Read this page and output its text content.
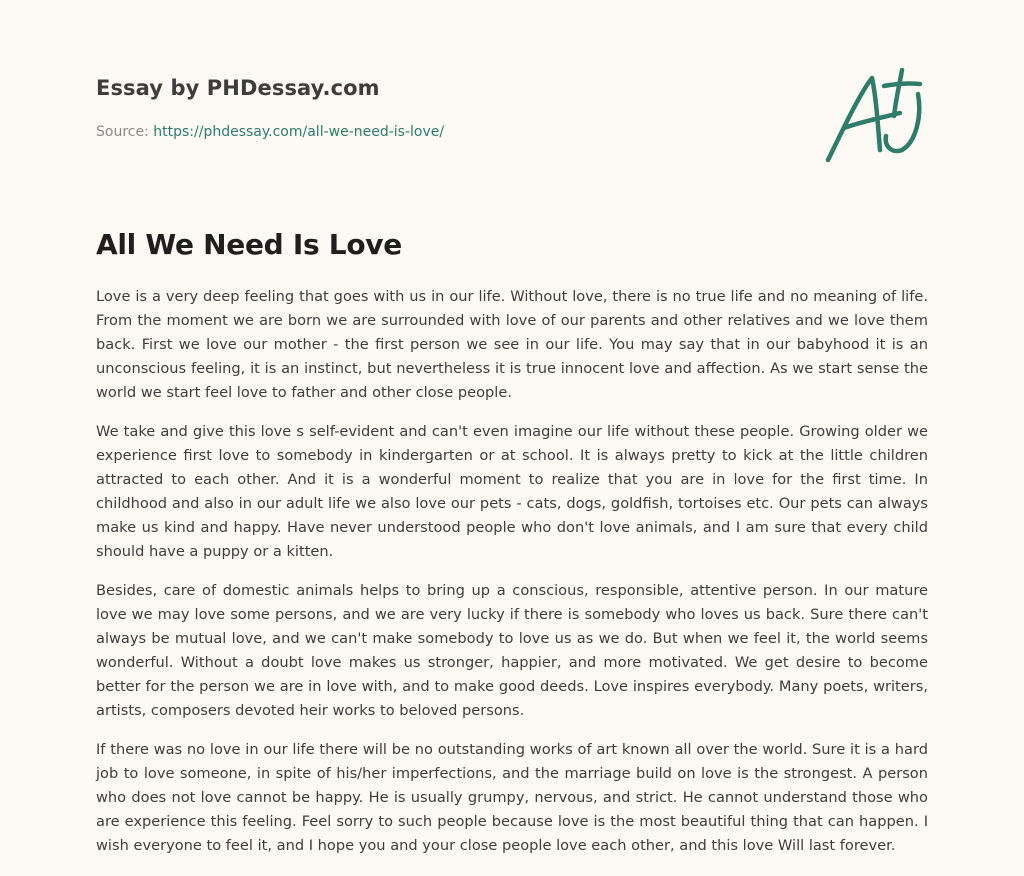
Essay by PHDessay.com
Source: https://phdessay.com/all-we-need-is-love/
All We Need Is Love

Love is a very deep feeling that goes with us in our life. Without love, there is no true life and no meaning of life. From the moment we are born we are surrounded with love of our parents and other relatives and we love them back. First we love our mother - the first person we see in our life. You may say that in our babyhood it is an unconscious feeling, it is an instinct, but nevertheless it is true innocent love and affection. As we start sense the world we start feel love to father and other close people.

We take and give this love s self-evident and can't even imagine our life without these people. Growing older we experience first love to somebody in kindergarten or at school. It is always pretty to kick at the little children attracted to each other. And it is a wonderful moment to realize that you are in love for the first time. In childhood and also in our adult life we also love our pets - cats, dogs, goldfish, tortoises etc. Our pets can always make us kind and happy. Have never understood people who don't love animals, and I am sure that every child should have a puppy or a kitten.

Besides, care of domestic animals helps to bring up a conscious, responsible, attentive person. In our mature love we may love some persons, and we are very lucky if there is somebody who loves us back. Sure there can't always be mutual love, and we can't make somebody to love us as we do. But when we feel it, the world seems wonderful. Without a doubt love makes us stronger, happier, and more motivated. We get desire to become better for the person we are in love with, and to make good deeds. Love inspires everybody. Many poets, writers, artists, composers devoted heir works to beloved persons.

If there was no love in our life there will be no outstanding works of art known all over the world. Sure it is a hard job to love someone, in spite of his/her imperfections, and the marriage build on love is the strongest. A person who does not love cannot be happy. He is usually grumpy, nervous, and strict. He cannot understand those who are experience this feeling. Feel sorry to such people because love is the most beautiful thing that can happen. I wish everyone to feel it, and I hope you and your close people love each other, and this love Will last forever.
